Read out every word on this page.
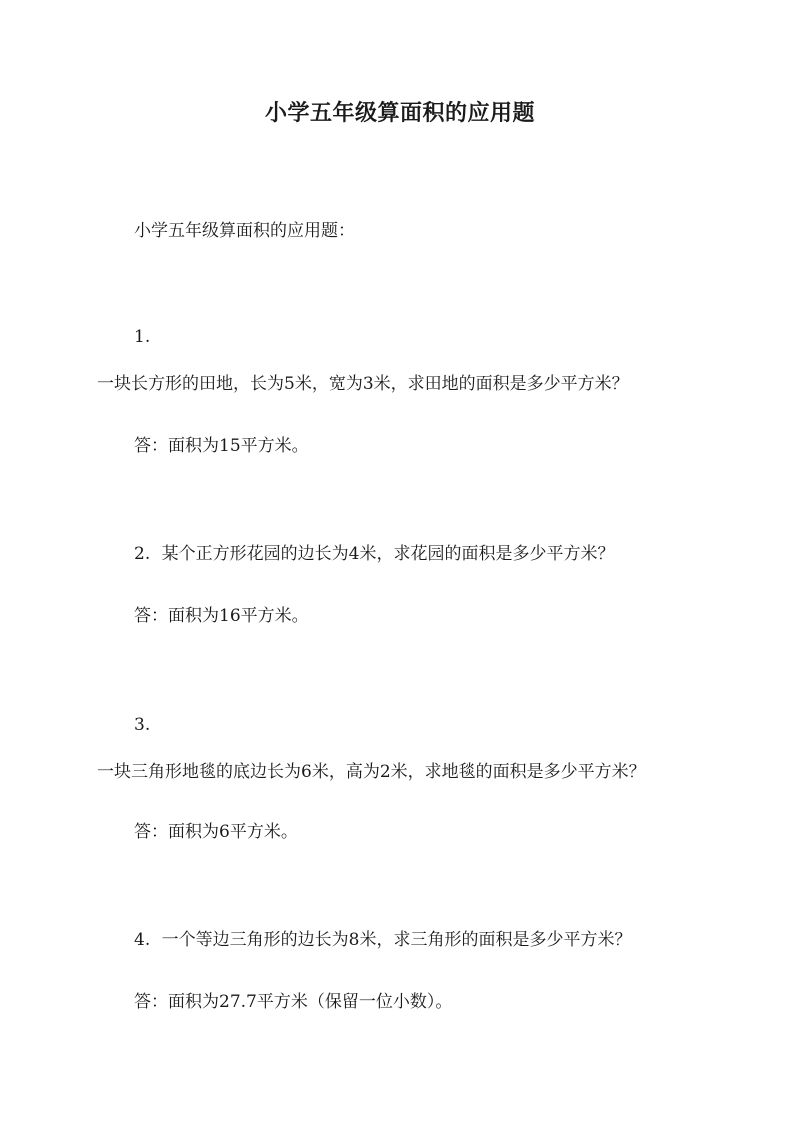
小学五年级算面积的应用题
小学五年级算面积的应用题：
1.
一块长方形的田地，长为5米，宽为3米，求田地的面积是多少平方米？
答：面积为15平方米。
2. 某个正方形花园的边长为4米，求花园的面积是多少平方米？
答：面积为16平方米。
3.
一块三角形地毯的底边长为6米，高为2米，求地毯的面积是多少平方米？
答：面积为6平方米。
4. 一个等边三角形的边长为8米，求三角形的面积是多少平方米？
答：面积为27.7平方米（保留一位小数）。
